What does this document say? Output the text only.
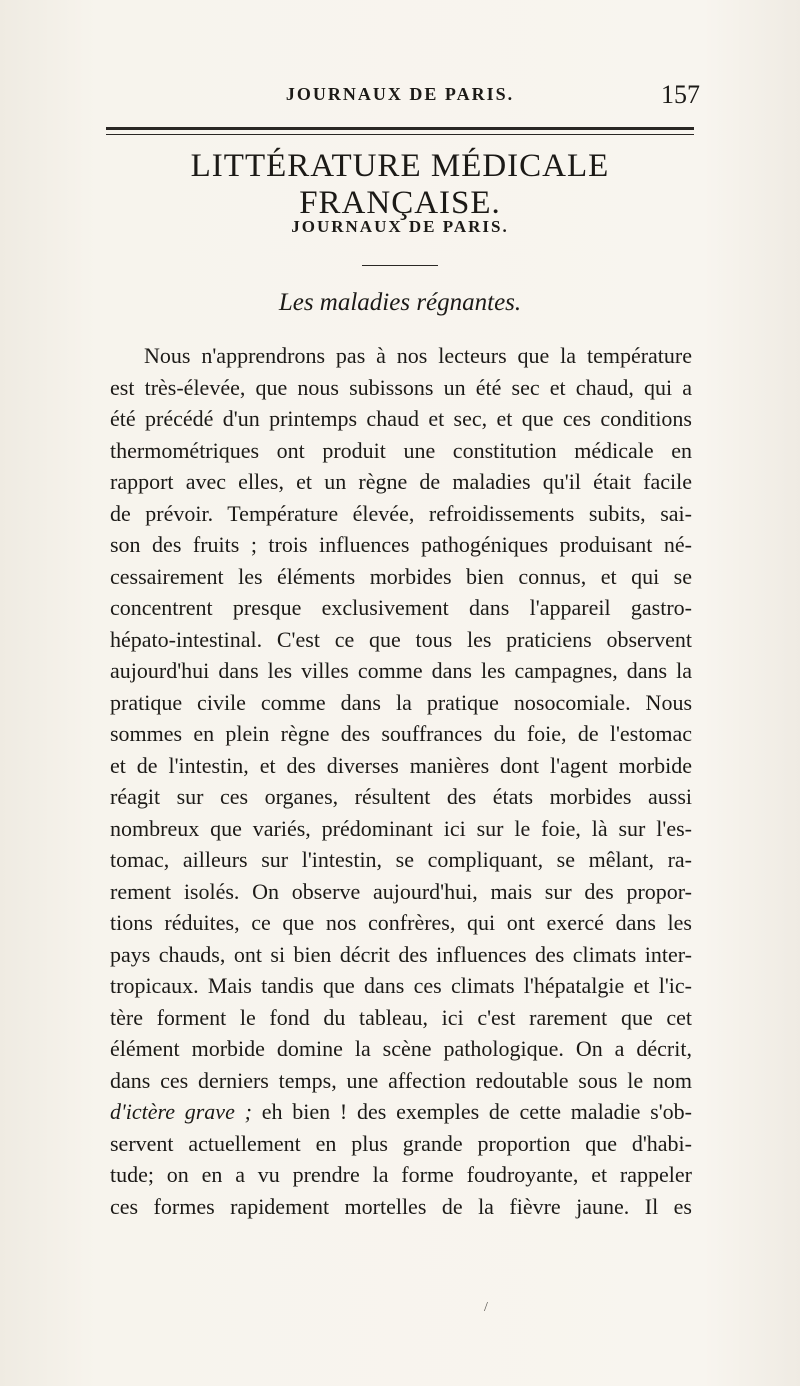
JOURNAUX DE PARIS.	157
LITTÉRATURE MÉDICALE FRANÇAISE.
JOURNAUX DE PARIS.
Les maladies régnantes.
Nous n'apprendrons pas à nos lecteurs que la température
est très-élevée, que nous subissons un été sec et chaud, qui a
été précédé d'un printemps chaud et sec, et que ces conditions
thermométriques ont produit une constitution médicale en
rapport avec elles, et un règne de maladies qu'il était facile
de prévoir. Température élevée, refroidissements subits, sai-
son des fruits ; trois influences pathogéniques produisant né-
cessairement les éléments morbides bien connus, et qui se
concentrent presque exclusivement dans l'appareil gastro-
hépato-intestinal. C'est ce que tous les praticiens observent
aujourd'hui dans les villes comme dans les campagnes, dans la
pratique civile comme dans la pratique nosocomiale. Nous
sommes en plein règne des souffrances du foie, de l'estomac
et de l'intestin, et des diverses manières dont l'agent morbide
réagit sur ces organes, résultent des états morbides aussi
nombreux que variés, prédominant ici sur le foie, là sur l'es-
tomac, ailleurs sur l'intestin, se compliquant, se mêlant, ra-
rement isolés. On observe aujourd'hui, mais sur des propor-
tions réduites, ce que nos confrères, qui ont exercé dans les
pays chauds, ont si bien décrit des influences des climats inter-
tropicaux. Mais tandis que dans ces climats l'hépatalgie et l'ic-
tère forment le fond du tableau, ici c'est rarement que cet
élément morbide domine la scène pathologique. On a décrit,
dans ces derniers temps, une affection redoutable sous le nom
d'ictère grave ; eh bien ! des exemples de cette maladie s'ob-
servent actuellement en plus grande proportion que d'habi-
tude; on en a vu prendre la forme foudroyante, et rappeler
ces formes rapidement mortelles de la fièvre jaune. Il es
/
